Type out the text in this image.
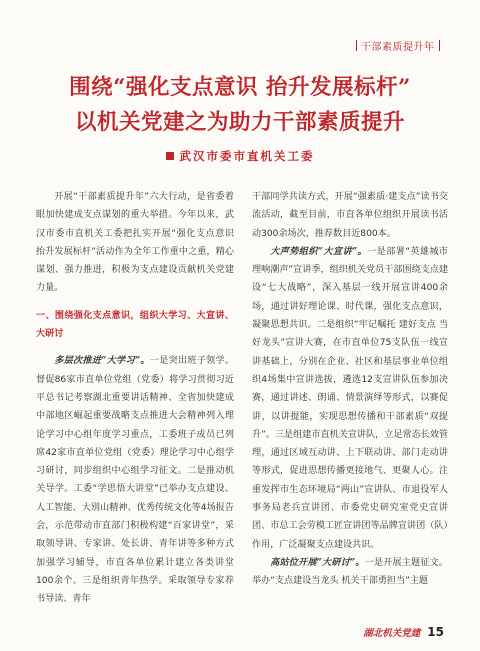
干部素质提升年
围绕“强化支点意识 抬升发展标杆”
以机关党建之为助力干部素质提升
武汉市委市直机关工委

开展“干部素质提升年”六大行动，是省委着眼加快建成支点谋划的重大举措。今年以来，武汉市委市直机关工委把扎实开展“强化支点意识 抬升发展标杆”活动作为全年工作重中之重，精心谋划、强力推进，积极为支点建设贡献机关党建力量。

一、围绕强化支点意识，组织大学习、大宣讲、大研讨

多层次推进“大学习”。一是突出班子领学。督促86家市直单位党组（党委）将学习贯彻习近平总书记考察湖北重要讲话精神、全省加快建成中部地区崛起重要战略支点推进大会精神列入理论学习中心组年度学习重点，工委班子成员已列席42家市直单位党组（党委）理论学习中心组学习研讨，同步组织中心组学习征文。二是推动机关导学。工委“学思悟大讲堂”已举办支点建设、人工智能、大别山精神、优秀传统文化等4场报告会，示范带动市直部门积极构建“百家讲堂”，采取领导讲、专家讲、处长讲、青年讲等多种方式加强学习辅导，市直各单位累计建立各类讲堂100余个。三是组织青年热学。采取领导专家荐书导读、青年

干部同学共读方式，开展“强素质·建支点”读书交流活动，截至目前，市直各单位组织开展读书活动300余场次，推荐数目近800本。

大声势组织“大宣讲”。一是部署“英雄城市 理响潮声”宣讲季，组织机关党员干部围绕支点建设“七大战略”，深入基层一线开展宣讲400余场，通过讲好理论课、时代课，强化支点意识，凝聚思想共识。二是组织“牢记嘱托 建好支点 当好龙头”宣讲大赛，在市直单位75支队伍一线宣讲基础上，分别在企业、社区和基层事业单位组织4场集中宣讲选拔，遴选12支宣讲队伍参加决赛，通过讲述、朗诵、情景演绎等形式，以赛促讲，以讲提能，实现思想传播和干部素质“双提升”。三是组建市直机关宣讲队，立足常态长效管理，通过区域互动讲、上下联动讲、部门走动讲等形式，促进思想传播更接地气、更聚人心。注重发挥市生态环境局“两山”宣讲队、市退役军人事务局老兵宣讲团、市委党史研究室党史宣讲团、市总工会劳模工匠宣讲团等品牌宣讲团（队）作用，广泛凝聚支点建设共识。

高站位开展“大研讨”。一是开展主题征文。举办“支点建设当龙头 机关干部勇担当”主题

湖北机关党建 15
